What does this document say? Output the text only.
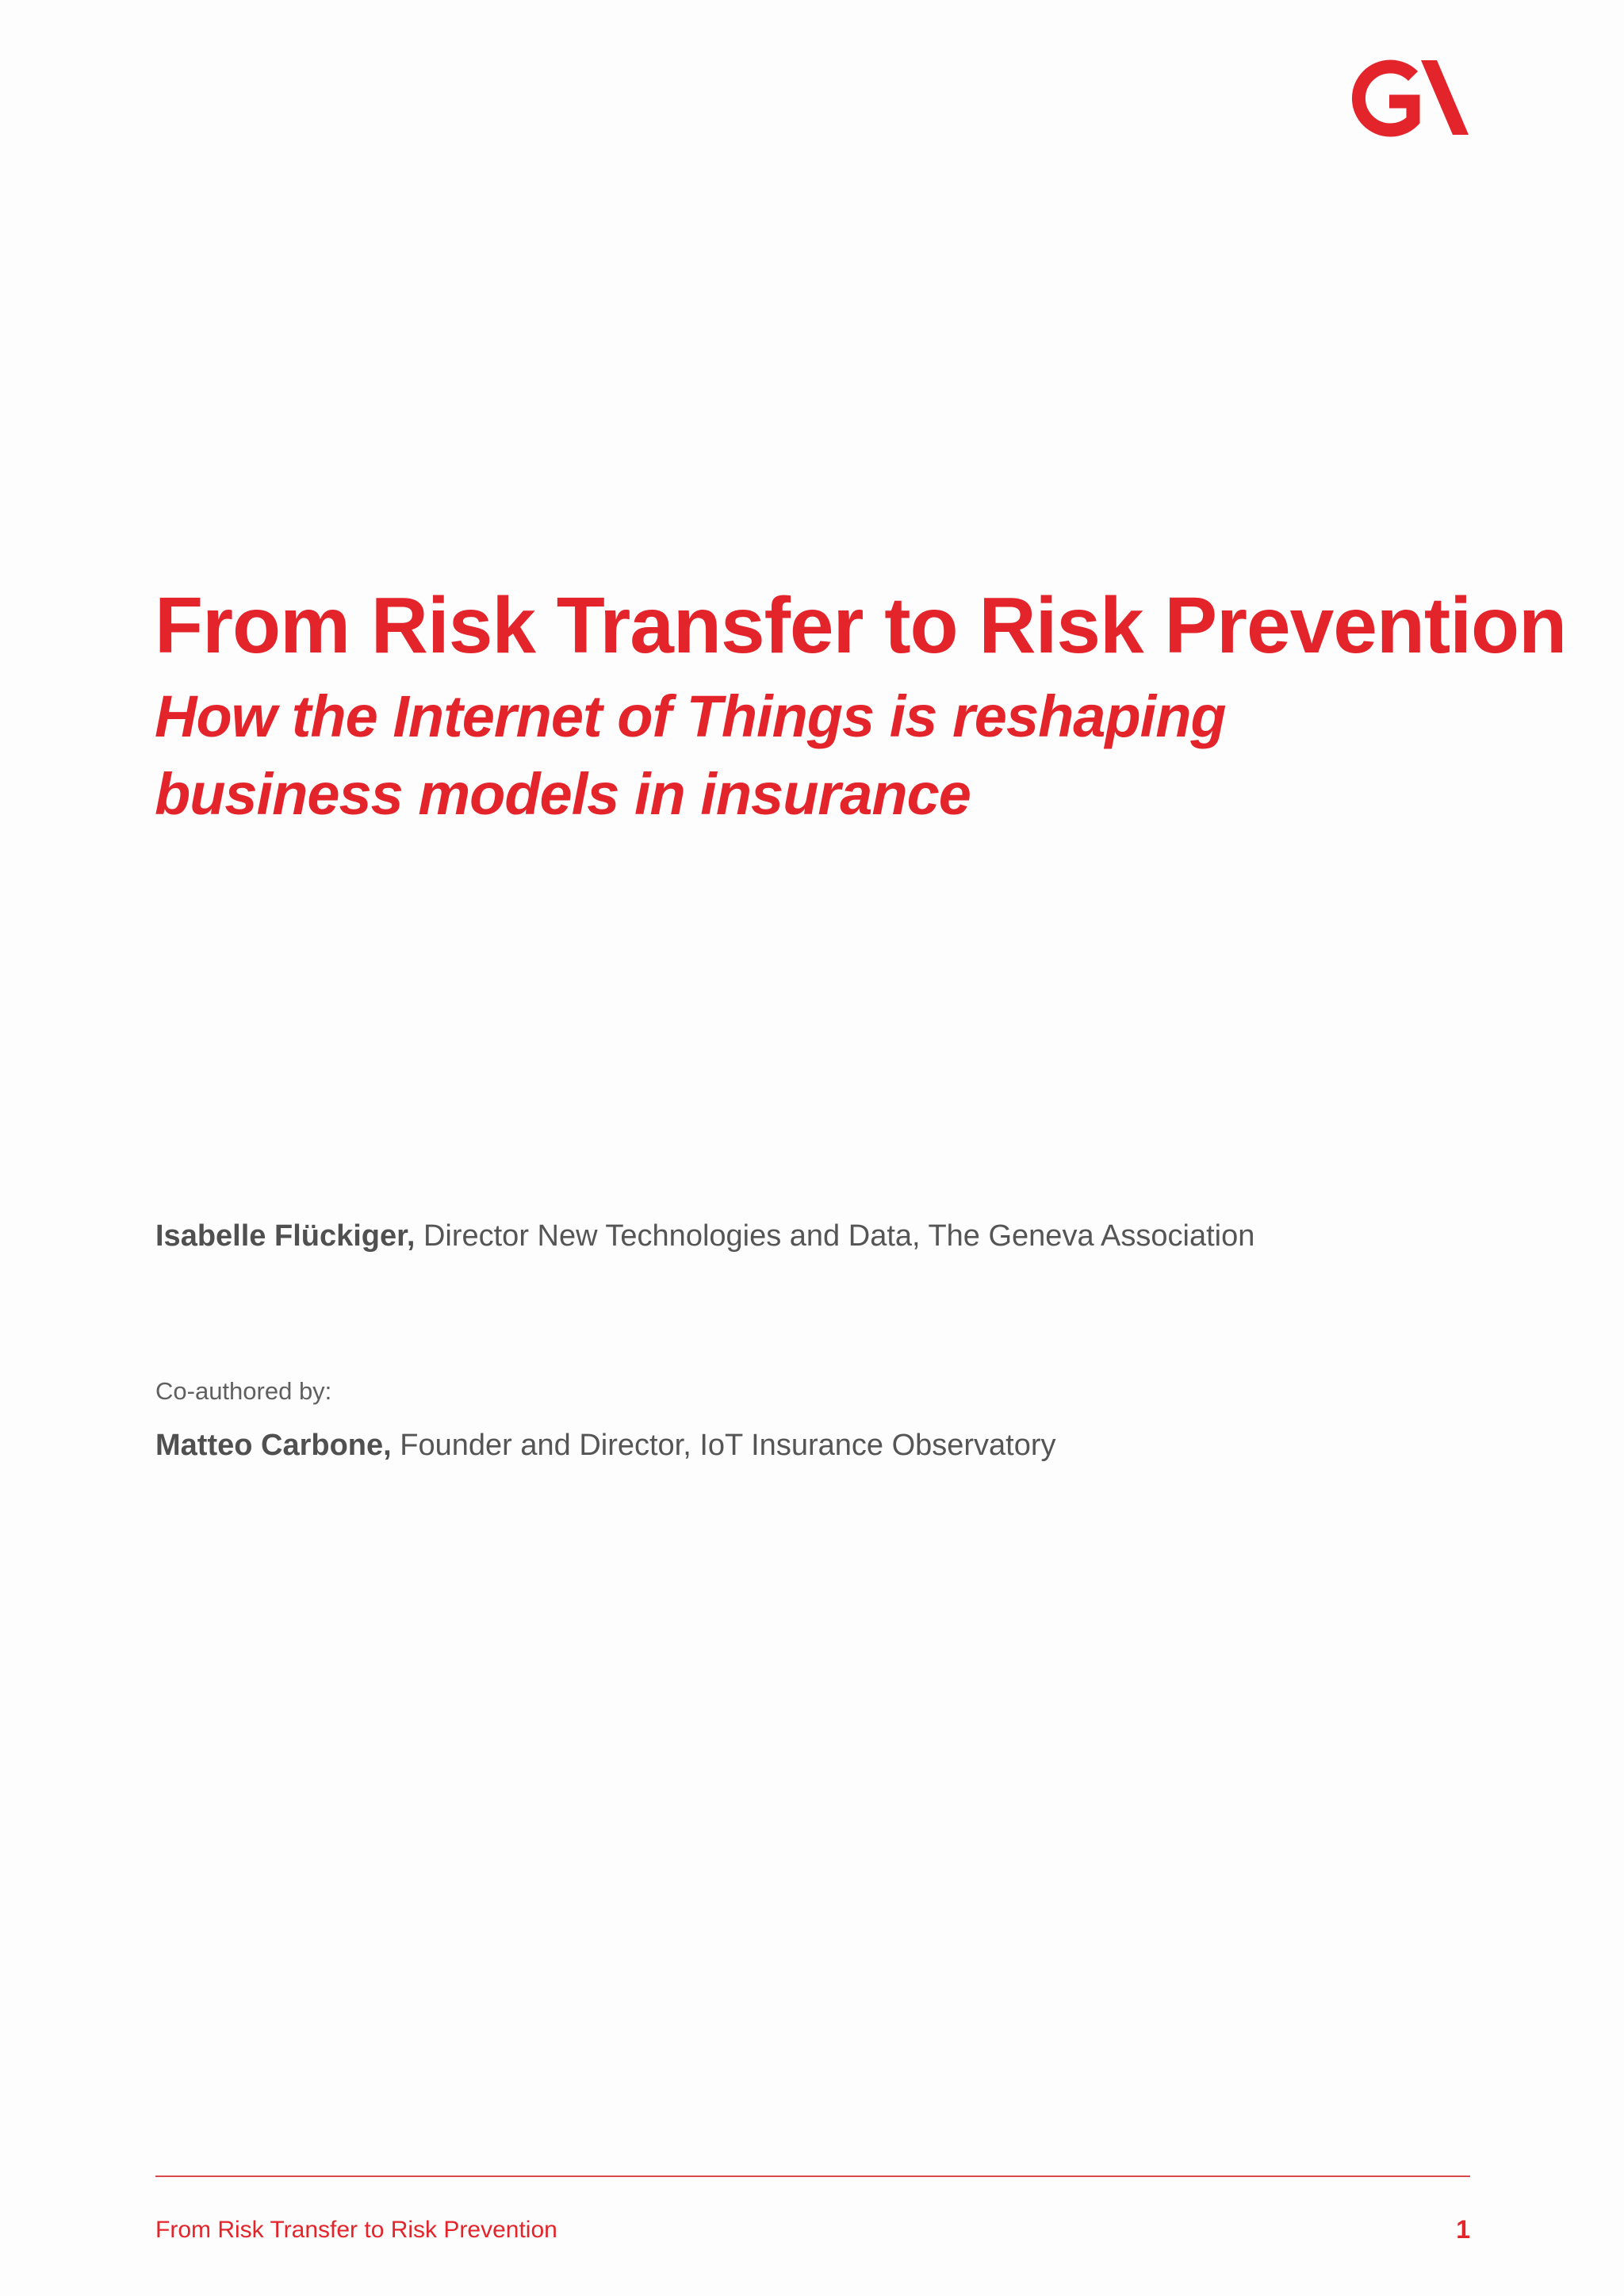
From Risk Transfer to Risk Prevention
How the Internet of Things is reshaping
business models in insurance
Isabelle Flückiger, Director New Technologies and Data, The Geneva Association
Co-authored by:
Matteo Carbone, Founder and Director, IoT Insurance Observatory
From Risk Transfer to Risk Prevention	1
